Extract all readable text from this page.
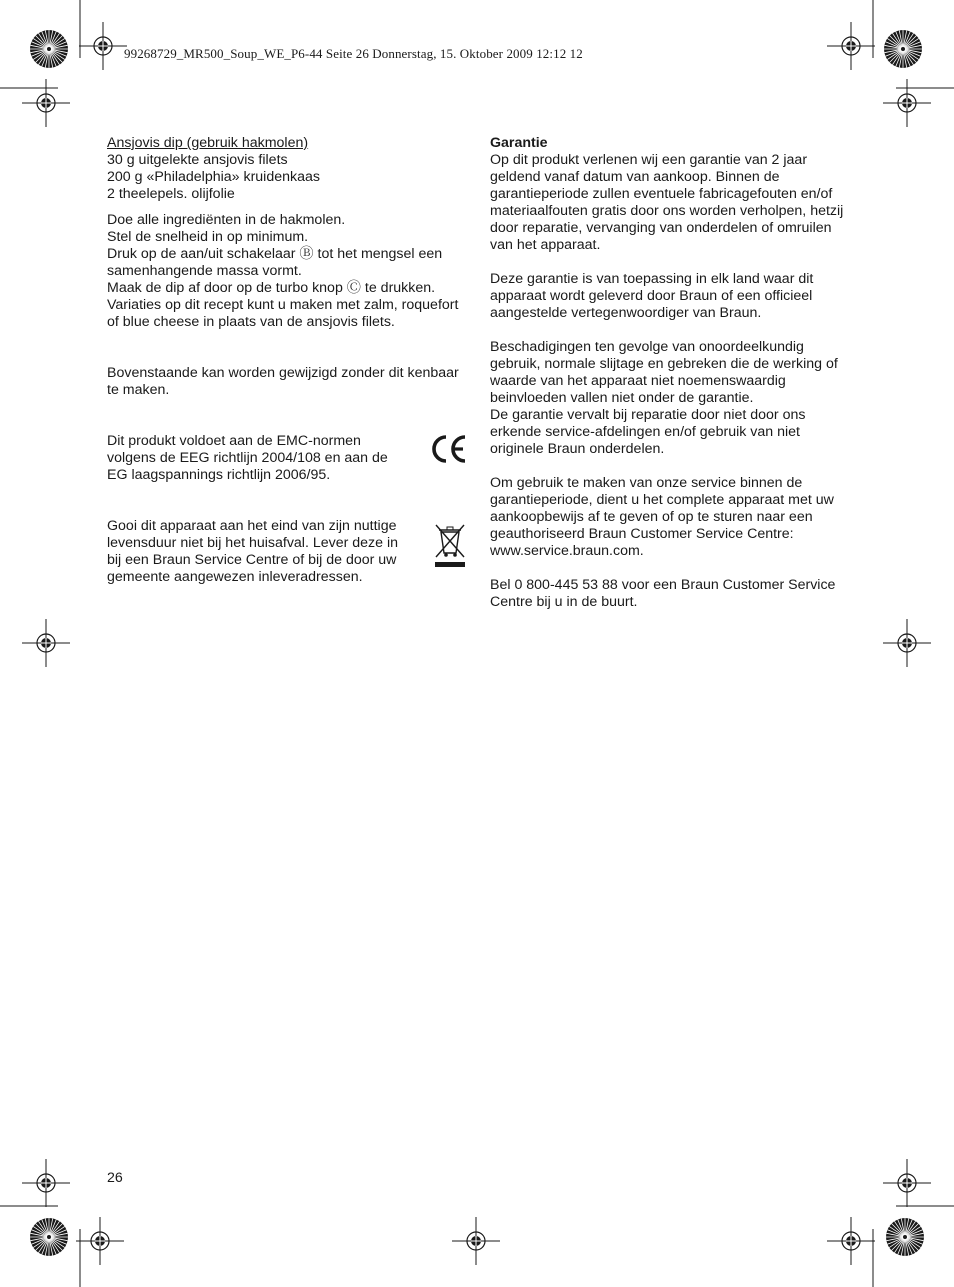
99268729_MR500_Soup_WE_P6-44 Seite 26 Donnerstag, 15. Oktober 2009 12:12 12

Ansjovis dip (gebruik hakmolen)

30 g uitgelekte ansjovis filets

200 g «Philadelphia» kruidenkaas

2 theelepels. olijfolie

Doe alle ingrediënten in de hakmolen.

Stel de snelheid in op minimum.

Druk op de aan/uit schakelaar Ⓑ tot het mengsel een samenhangende massa vormt.

Maak de dip af door op de turbo knop Ⓒ te drukken.

Variaties op dit recept kunt u maken met zalm, roquefort of blue cheese in plaats van de ansjovis filets.

Bovenstaande kan worden gewijzigd zonder dit kenbaar te maken.

Dit produkt voldoet aan de EMC-normen volgens de EEG richtlijn 2004/108 en aan de EG laagspannings richtlijn 2006/95.

Gooi dit apparaat aan het eind van zijn nuttige levensduur niet bij het huisafval. Lever deze in bij een Braun Service Centre of bij de door uw gemeente aangewezen inleveradressen.

Garantie

Op dit produkt verlenen wij een garantie van 2 jaar geldend vanaf datum van aankoop. Binnen de garantieperiode zullen eventuele fabricagefouten en/of materiaalfouten gratis door ons worden verholpen, hetzij door reparatie, vervanging van onderdelen of omruilen van het apparaat.

Deze garantie is van toepassing in elk land waar dit apparaat wordt geleverd door Braun of een officieel aangestelde vertegenwoordiger van Braun.

Beschadigingen ten gevolge van onoordeelkundig gebruik, normale slijtage en gebreken die de werking of waarde van het apparaat niet noemenswaardig beinvloeden vallen niet onder de garantie.

De garantie vervalt bij reparatie door niet door ons erkende service-afdelingen en/of gebruik van niet originele Braun onderdelen.

Om gebruik te maken van onze service binnen de garantieperiode, dient u het complete apparaat met uw aankoopbewijs af te geven of op te sturen naar een geauthoriseerd Braun Customer Service Centre: www.service.braun.com.

Bel 0 800-445 53 88 voor een Braun Customer Service Centre bij u in de buurt.

26
